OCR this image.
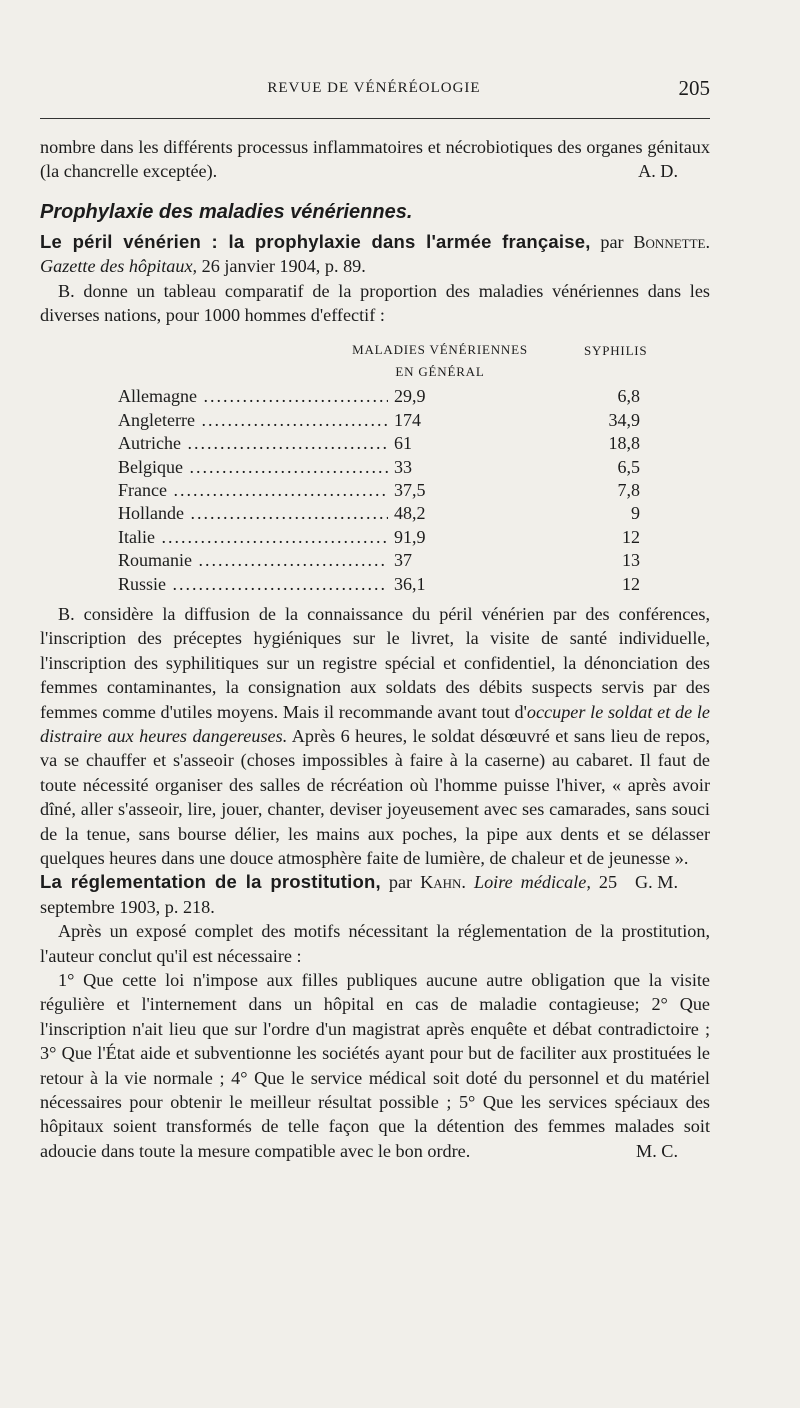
REVUE DE VÉNÉRÉOLOGIE	205

nombre dans les différents processus inflammatoires et nécrobiotiques des organes génitaux (la chancrelle exceptée).	A. D.

Prophylaxie des maladies vénériennes.

Le péril vénérien : la prophylaxie dans l'armée française, par Bonnette. Gazette des hôpitaux, 26 janvier 1904, p. 89.

B. donne un tableau comparatif de la proportion des maladies vénériennes dans les diverses nations, pour 1000 hommes d'effectif :

MALADIES VÉNÉRIENNES
EN GÉNÉRAL
SYPHILIS
Allemagne .....	29,9	6,8
Angleterre .....	174	34,9
Autriche .....	61	18,8
Belgique .....	33	6,5
France .....	37,5	7,8
Hollande .....	48,2	9
Italie .....	91,9	12
Roumanie .....	37	13
Russie .....	36,1	12

B. considère la diffusion de la connaissance du péril vénérien par des conférences, l'inscription des préceptes hygiéniques sur le livret, la visite de santé individuelle, l'inscription des syphilitiques sur un registre spécial et confidentiel, la dénonciation des femmes contaminantes, la consignation aux soldats des débits suspects servis par des femmes comme d'utiles moyens. Mais il recommande avant tout d'occuper le soldat et de le distraire aux heures dangereuses. Après 6 heures, le soldat désœuvré et sans lieu de repos, va se chauffer et s'asseoir (choses impossibles à faire à la caserne) au cabaret. Il faut de toute nécessité organiser des salles de récréation où l'homme puisse l'hiver, « après avoir dîné, aller s'asseoir, lire, jouer, chanter, deviser joyeusement avec ses camarades, sans souci de la tenue, sans bourse délier, les mains aux poches, la pipe aux dents et se délasser quelques heures dans une douce atmosphère faite de lumière, de chaleur et de jeunesse ».
G. M.

La réglementation de la prostitution, par Kahn. Loire médicale, 25 septembre 1903, p. 218.

Après un exposé complet des motifs nécessitant la réglementation de la prostitution, l'auteur conclut qu'il est nécessaire :

1° Que cette loi n'impose aux filles publiques aucune autre obligation que la visite régulière et l'internement dans un hôpital en cas de maladie contagieuse; 2° Que l'inscription n'ait lieu que sur l'ordre d'un magistrat après enquête et débat contradictoire ; 3° Que l'État aide et subventionne les sociétés ayant pour but de faciliter aux prostituées le retour à la vie normale ; 4° Que le service médical soit doté du personnel et du matériel nécessaires pour obtenir le meilleur résultat possible ; 5° Que les services spéciaux des hôpitaux soient transformés de telle façon que la détention des femmes malades soit adoucie dans toute la mesure compatible avec le bon ordre.	M. C.
